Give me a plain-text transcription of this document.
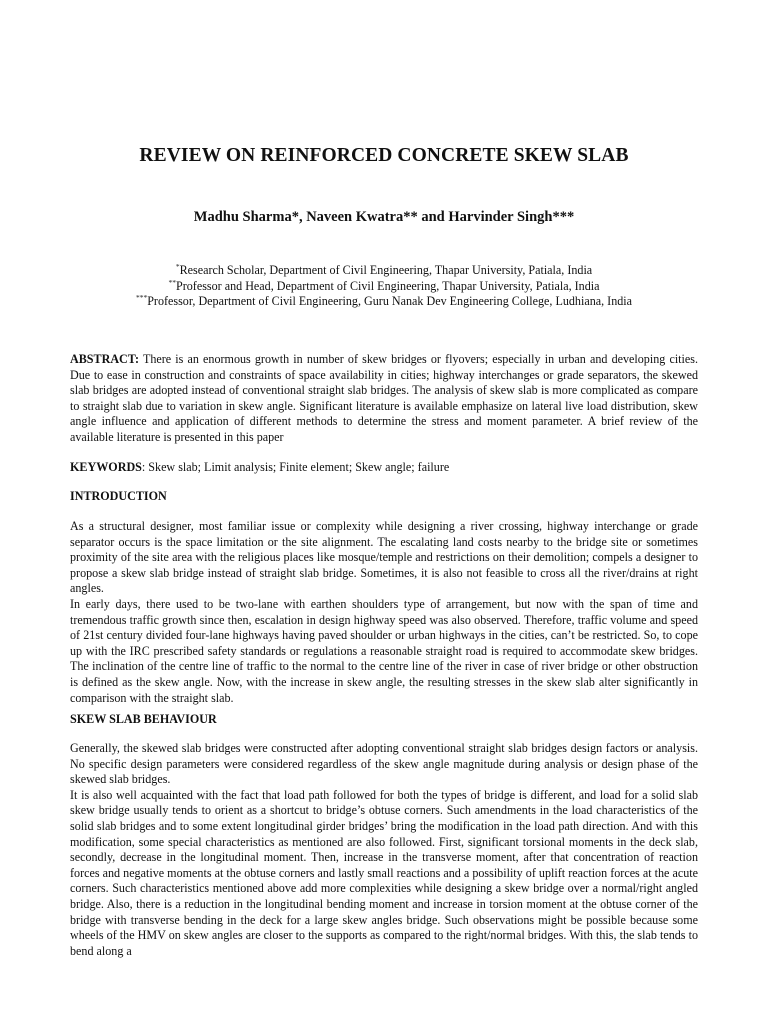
REVIEW ON REINFORCED CONCRETE SKEW SLAB
Madhu Sharma*, Naveen Kwatra** and Harvinder Singh***
*Research Scholar, Department of Civil Engineering, Thapar University, Patiala, India
**Professor and Head, Department of Civil Engineering, Thapar University, Patiala, India
***Professor, Department of Civil Engineering, Guru Nanak Dev Engineering College, Ludhiana, India

ABSTRACT: There is an enormous growth in number of skew bridges or flyovers; especially in urban and developing cities. Due to ease in construction and constraints of space availability in cities; highway interchanges or grade separators, the skewed slab bridges are adopted instead of conventional straight slab bridges. The analysis of skew slab is more complicated as compare to straight slab due to variation in skew angle. Significant literature is available emphasize on lateral live load distribution, skew angle influence and application of different methods to determine the stress and moment parameter. A brief review of the available literature is presented in this paper

KEYWORDS: Skew slab; Limit analysis; Finite element; Skew angle; failure

INTRODUCTION

As a structural designer, most familiar issue or complexity while designing a river crossing, highway interchange or grade separator occurs is the space limitation or the site alignment. The escalating land costs nearby to the bridge site or sometimes proximity of the site area with the religious places like mosque/temple and restrictions on their demolition; compels a designer to propose a skew slab bridge instead of straight slab bridge. Sometimes, it is also not feasible to cross all the river/drains at right angles.

In early days, there used to be two-lane with earthen shoulders type of arrangement, but now with the span of time and tremendous traffic growth since then, escalation in design highway speed was also observed. Therefore, traffic volume and speed of 21st century divided four-lane highways having paved shoulder or urban highways in the cities, can’t be restricted. So, to cope up with the IRC prescribed safety standards or regulations a reasonable straight road is required to accommodate skew bridges. The inclination of the centre line of traffic to the normal to the centre line of the river in case of river bridge or other obstruction is defined as the skew angle. Now, with the increase in skew angle, the resulting stresses in the skew slab alter significantly in comparison with the straight slab.

SKEW SLAB BEHAVIOUR

Generally, the skewed slab bridges were constructed after adopting conventional straight slab bridges design factors or analysis. No specific design parameters were considered regardless of the skew angle magnitude during analysis or design phase of the skewed slab bridges.

It is also well acquainted with the fact that load path followed for both the types of bridge is different, and load for a solid slab skew bridge usually tends to orient as a shortcut to bridge’s obtuse corners. Such amendments in the load characteristics of the solid slab bridges and to some extent longitudinal girder bridges’ bring the modification in the load path direction. And with this modification, some special characteristics as mentioned are also followed. First, significant torsional moments in the deck slab, secondly, decrease in the longitudinal moment. Then, increase in the transverse moment, after that concentration of reaction forces and negative moments at the obtuse corners and lastly small reactions and a possibility of uplift reaction forces at the acute corners. Such characteristics mentioned above add more complexities while designing a skew bridge over a normal/right angled bridge. Also, there is a reduction in the longitudinal bending moment and increase in torsion moment at the obtuse corner of the bridge with transverse bending in the deck for a large skew angles bridge. Such observations might be possible because some wheels of the HMV on skew angles are closer to the supports as compared to the right/normal bridges. With this, the slab tends to bend along a
